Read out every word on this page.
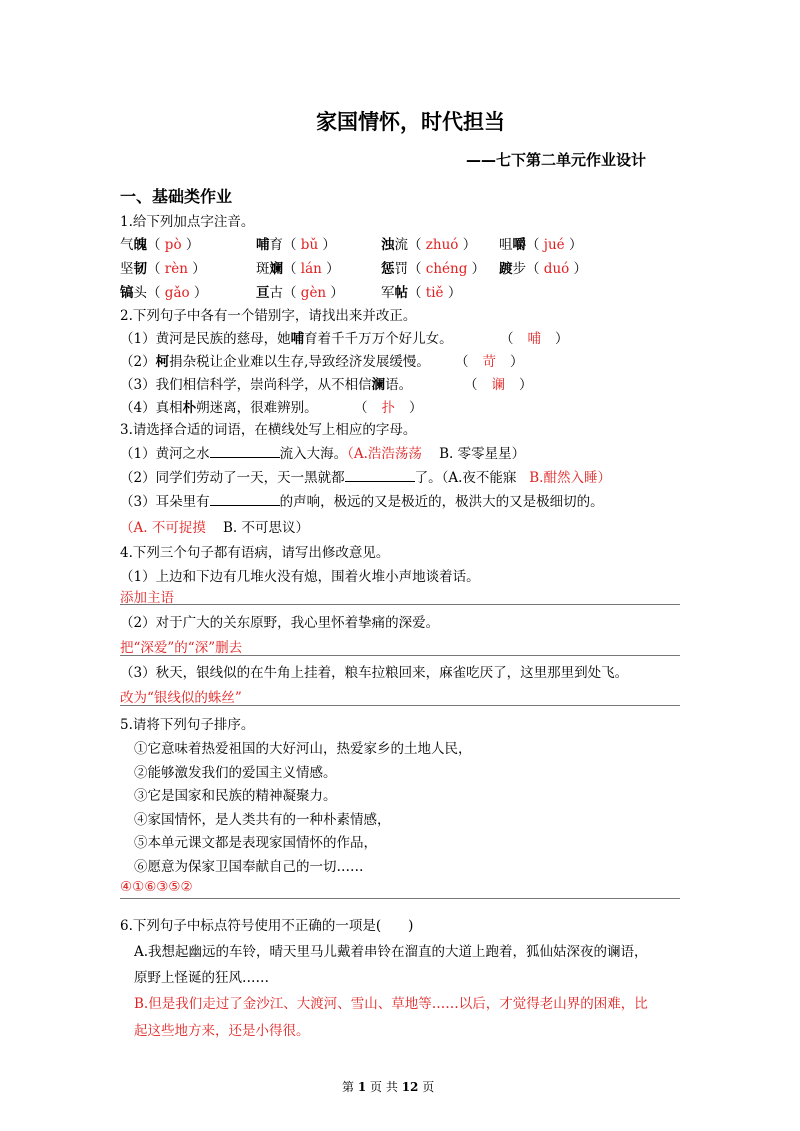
家国情怀，时代担当
——七下第二单元作业设计
一、基础类作业
1.给下列加点字注音。
气魄（ pò ）	哺育（ bǔ ）	浊流（ zhuó ） 咀嚼（ jué ）
坚韧（ rèn ）	斑斓（ lán ）	惩罚（ chéng ） 踱步（ duó ）
镐头（ gǎo ）	亘古（ gèn ）	军帖（ tiě ）
2.下列句子中各有一个错别字，请找出来并改正。
（1）黄河是民族的慈母，她哺育着千千万万个好儿女。	（ 哺 ）
（2）柯捐杂税让企业难以生存,导致经济发展缓慢。 （ 苛 ）
（3）我们相信科学，崇尚科学，从不相信澜语。	（ 谰 ）
（4）真相朴朔迷离，很难辨别。	（ 扑 ）
3.请选择合适的词语，在横线处写上相应的字母。
（1）黄河之水	流入大海。（A.浩浩荡荡 B. 零零星星）
（2）同学们劳动了一天，天一黑就都	了。（A.夜不能寐 B.酣然入睡）
（3）耳朵里有	的声响，极远的又是极近的，极洪大的又是极细切的。
（A. 不可捉摸 B. 不可思议）
4.下列三个句子都有语病，请写出修改意见。
（1）上边和下边有几堆火没有熄，围着火堆小声地谈着话。
添加主语
（2）对于广大的关东原野，我心里怀着挚痛的深爱。
把“深爱”的“深”删去
（3）秋天，银线似的在牛角上挂着，粮车拉粮回来，麻雀吃厌了，这里那里到处飞。
改为“银线似的蛛丝”
5.请将下列句子排序。
①它意味着热爱祖国的大好河山，热爱家乡的土地人民，
②能够激发我们的爱国主义情感。
③它是国家和民族的精神凝聚力。
④家国情怀，是人类共有的一种朴素情感，
⑤本单元课文都是表现家国情怀的作品，
⑥愿意为保家卫国奉献自己的一切……
④①⑥③⑤②
6.下列句子中标点符号使用不正确的一项是(　　)
A.我想起幽远的车铃，晴天里马儿戴着串铃在溜直的大道上跑着，狐仙姑深夜的谰语，
原野上怪诞的狂风……
B.但是我们走过了金沙江、大渡河、雪山、草地等……以后，才觉得老山界的困难，比
起这些地方来，还是小得很。
第 1 页 共 12 页
